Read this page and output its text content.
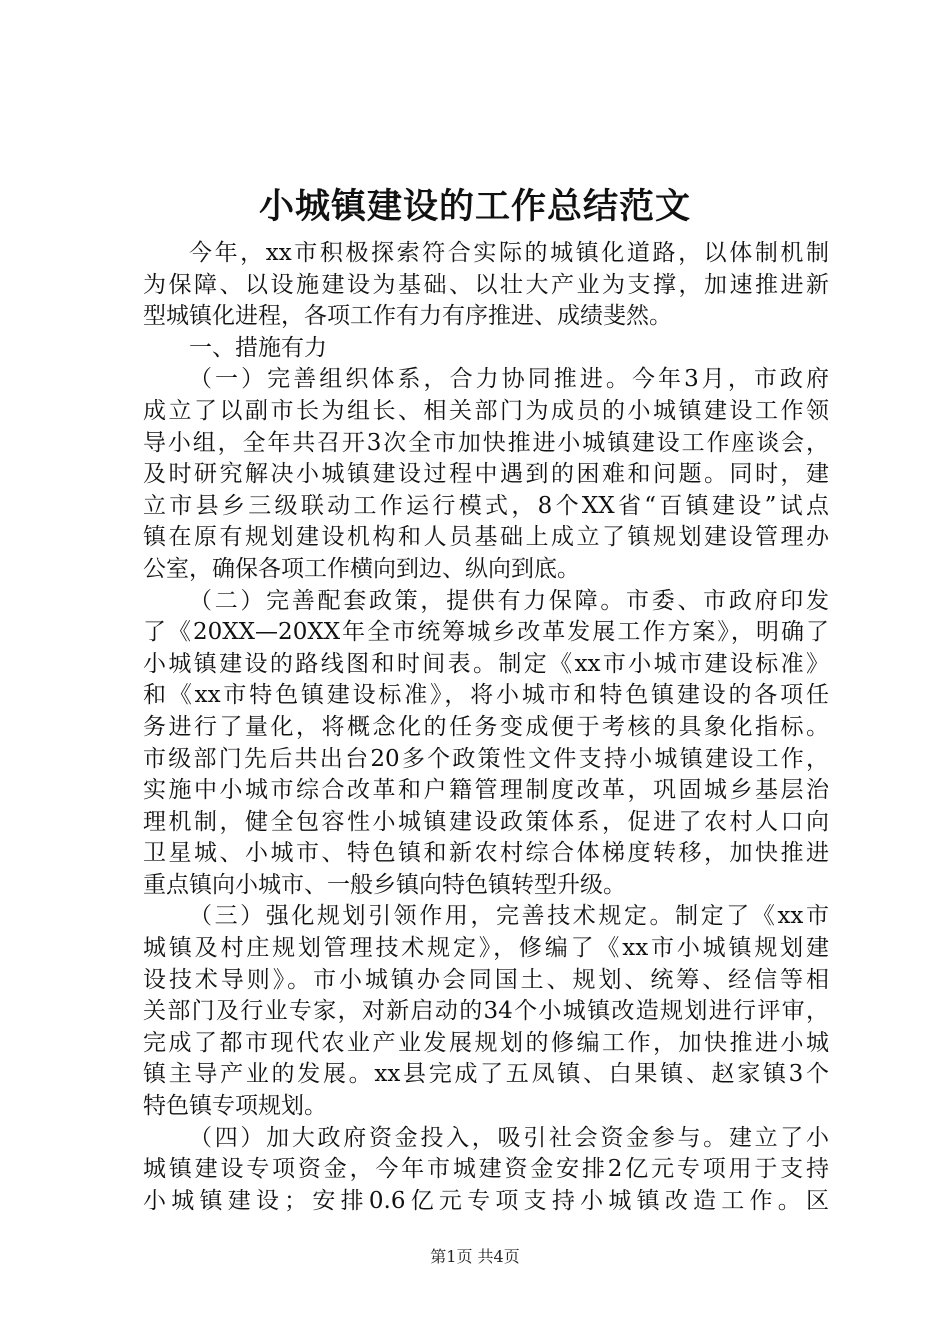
小城镇建设的工作总结范文
今年，xx市积极探索符合实际的城镇化道路，以体制机制
为保障、以设施建设为基础、以壮大产业为支撑，加速推进新
型城镇化进程，各项工作有力有序推进、成绩斐然。
一、措施有力
（一）完善组织体系，合力协同推进。今年3月，市政府
成立了以副市长为组长、相关部门为成员的小城镇建设工作领
导小组，全年共召开3次全市加快推进小城镇建设工作座谈会，
及时研究解决小城镇建设过程中遇到的困难和问题。同时，建
立市县乡三级联动工作运行模式，8个XX省“百镇建设”试点
镇在原有规划建设机构和人员基础上成立了镇规划建设管理办
公室，确保各项工作横向到边、纵向到底。
（二）完善配套政策，提供有力保障。市委、市政府印发
了《20XX—20XX年全市统筹城乡改革发展工作方案》，明确了
小城镇建设的路线图和时间表。制定《xx市小城市建设标准》
和《xx市特色镇建设标准》，将小城市和特色镇建设的各项任
务进行了量化，将概念化的任务变成便于考核的具象化指标。
市级部门先后共出台20多个政策性文件支持小城镇建设工作，
实施中小城市综合改革和户籍管理制度改革，巩固城乡基层治
理机制，健全包容性小城镇建设政策体系，促进了农村人口向
卫星城、小城市、特色镇和新农村综合体梯度转移，加快推进
重点镇向小城市、一般乡镇向特色镇转型升级。
（三）强化规划引领作用，完善技术规定。制定了《xx市
城镇及村庄规划管理技术规定》，修编了《xx市小城镇规划建
设技术导则》。市小城镇办会同国土、规划、统筹、经信等相
关部门及行业专家，对新启动的34个小城镇改造规划进行评审，
完成了都市现代农业产业发展规划的修编工作，加快推进小城
镇主导产业的发展。xx县完成了五凤镇、白果镇、赵家镇3个
特色镇专项规划。
（四）加大政府资金投入，吸引社会资金参与。建立了小
城镇建设专项资金，今年市城建资金安排2亿元专项用于支持
小城镇建设；安排0.6亿元专项支持小城镇改造工作。区
第1页 共4页
